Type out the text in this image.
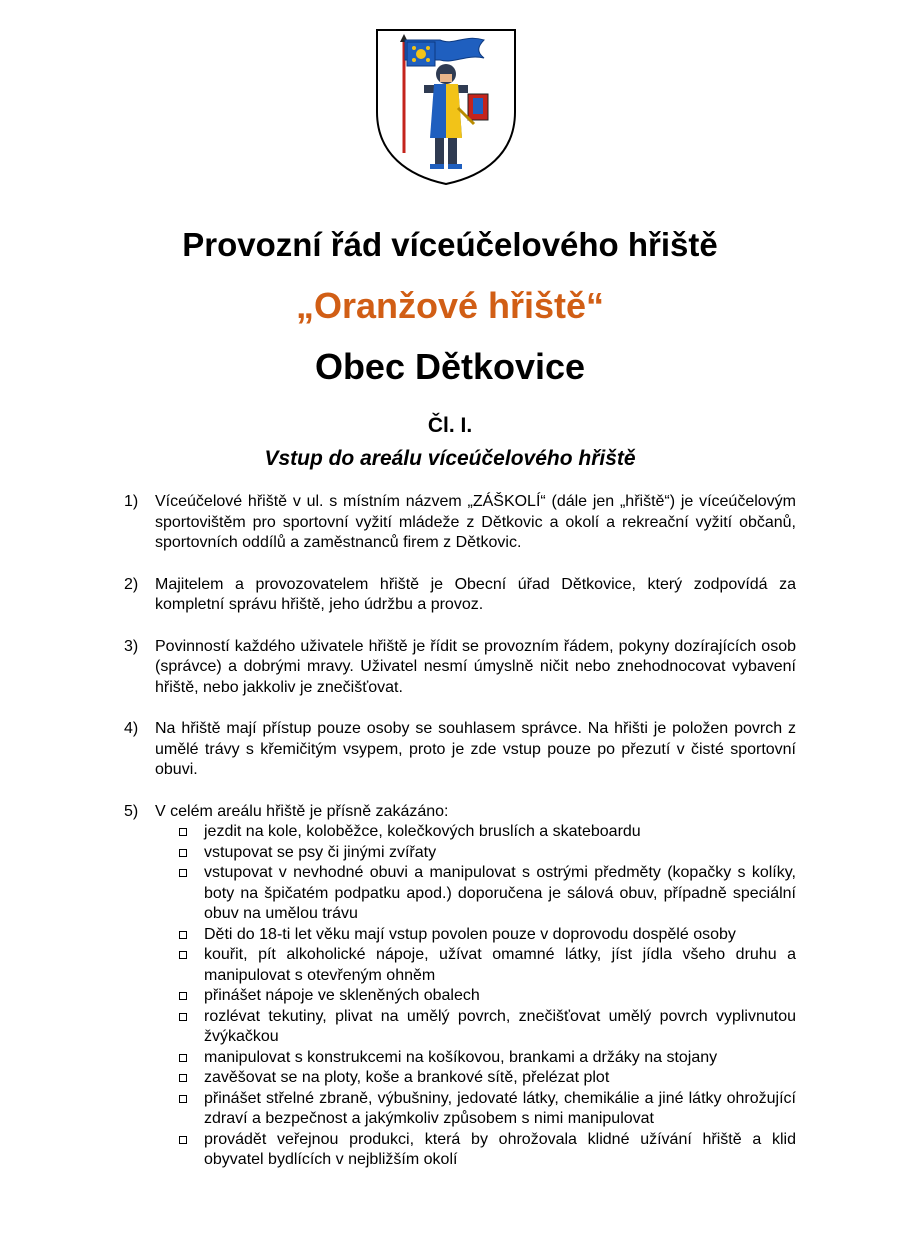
Provozní řád víceúčelového hřiště
„Oranžové hřiště“
Obec Dětkovice
Čl. I.
Vstup do areálu víceúčelového hřiště
1) Víceúčelové hřiště v ul. s místním názvem „ZÁŠKOLÍ“ (dále jen „hřiště“) je víceúčelovým sportovištěm pro sportovní vyžití mládeže z Dětkovic a okolí a rekreační vyžití občanů, sportovních oddílů a zaměstnanců firem z Dětkovic.
2) Majitelem a provozovatelem hřiště je Obecní úřad Dětkovice, který zodpovídá za kompletní správu hřiště, jeho údržbu a provoz.
3) Povinností každého uživatele hřiště je řídit se provozním řádem, pokyny dozírajících osob (správce) a dobrými mravy. Uživatel nesmí úmyslně ničit nebo znehodnocovat vybavení hřiště, nebo jakkoliv je znečišťovat.
4) Na hřiště mají přístup pouze osoby se souhlasem správce. Na hřišti je položen povrch z umělé trávy s křemičitým vsypem, proto je zde vstup pouze po přezutí v čisté sportovní obuvi.
5) V celém areálu hřiště je přísně zakázáno:
jezdit na kole, koloběžce, kolečkových bruslích a skateboardu
vstupovat se psy či jinými zvířaty
vstupovat v nevhodné obuvi a manipulovat s ostrými předměty (kopačky s kolíky, boty na špičatém podpatku apod.) doporučena je sálová obuv, případně speciální obuv na umělou trávu
Děti do 18-ti let věku mají vstup povolen pouze v doprovodu dospělé osoby
kouřit, pít alkoholické nápoje, užívat omamné látky, jíst jídla všeho druhu a manipulovat s otevřeným ohněm
přinášet nápoje ve skleněných obalech
rozlévat tekutiny, plivat na umělý povrch, znečišťovat umělý povrch vyplivnutou žvýkačkou
manipulovat s konstrukcemi na košíkovou, brankami a držáky na stojany
zavěšovat se na ploty, koše a brankové sítě, přelézat plot
přinášet střelné zbraně, výbušniny, jedovaté látky, chemikálie a jiné látky ohrožující zdraví a bezpečnost a jakýmkoliv způsobem s nimi manipulovat
provádět veřejnou produkci, která by ohrožovala klidné užívání hřiště a klid obyvatel bydlících v nejbližším okolí
